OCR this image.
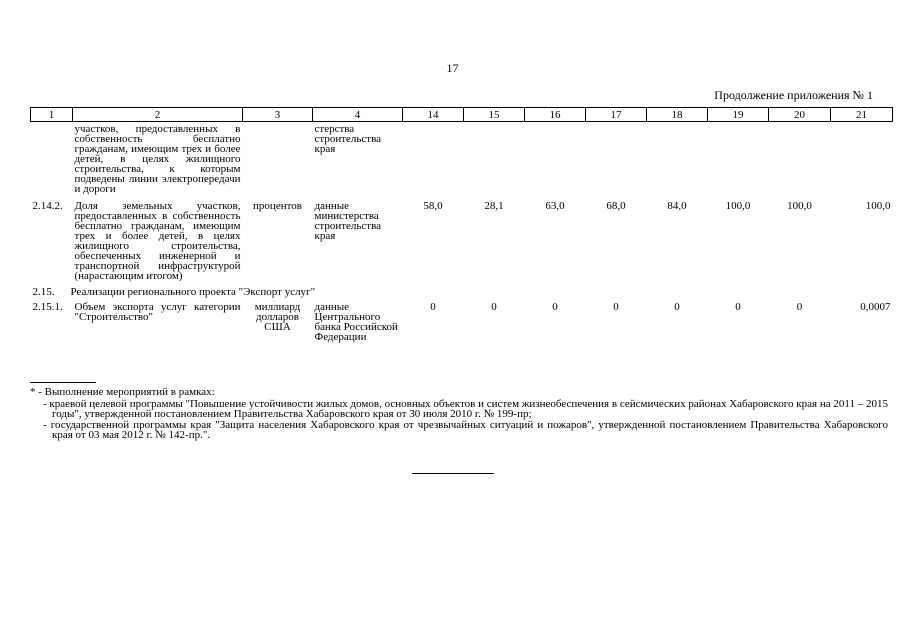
17
Продолжение приложения № 1
1	2	3	4	14	15	16	17	18	19	20	21
	участков, предоставленных в собственность бесплатно гражданам, имеющим трех и более детей, в целях жилищного строительства, к которым подведены линии электропередачи и дороги		стерства строительства края								
2.14.2.	Доля земельных участков, предоставленных в собственность бесплатно гражданам, имеющим трех и более детей, в целях жилищного строительства, обеспеченных инженерной и транспортной инфраструктурой (нарастающим итогом)	процентов	данные министерства строительства края	58,0	28,1	63,0	68,0	84,0	100,0	100,0	100,0
2.15. Реализации регионального проекта "Экспорт услуг"											
2.15.1.	Объем экспорта услуг категории "Строительство"	миллиард долларов США	данные Центрального банка Российской Федерации	0	0	0	0	0	0	0	0,0007
* - Выполнение мероприятий в рамках:
- краевой целевой программы "Повышение устойчивости жилых домов, основных объектов и систем жизнеобеспечения в сейсмических районах Хабаровского края на 2011 – 2015 годы", утвержденной постановлением Правительства Хабаровского края от 30 июля 2010 г. № 199-пр;
- государственной программы края "Защита населения Хабаровского края от чрезвычайных ситуаций и пожаров", утвержденной постановлением Правительства Хабаровского края от 03 мая 2012 г. № 142-пр.".
